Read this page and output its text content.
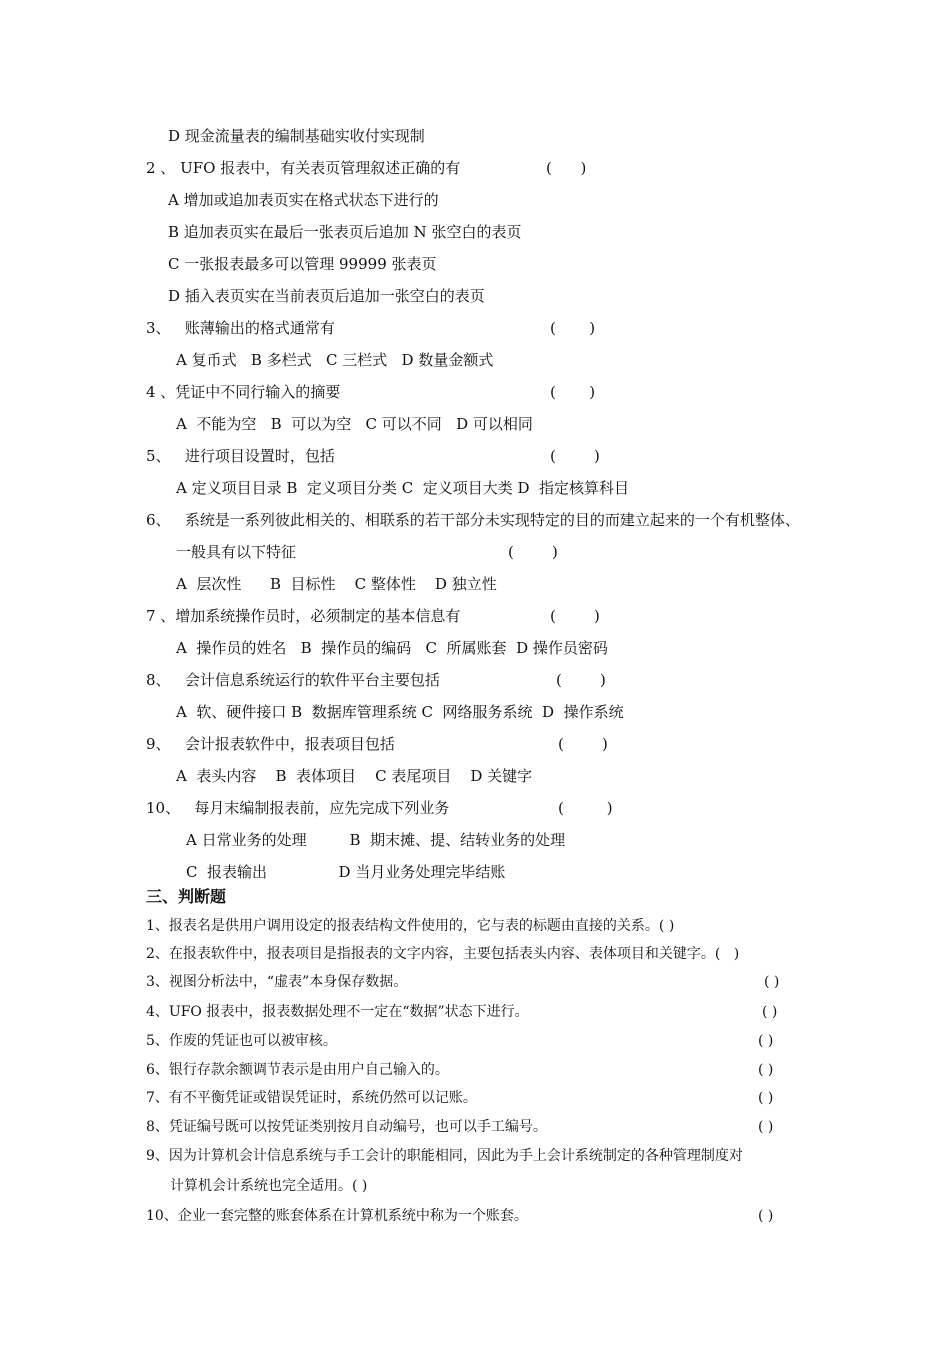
D 现金流量表的编制基础实收付实现制
2 、 UFO 报表中，有关表页管理叙述正确的有	(      )
A 增加或追加表页实在格式状态下进行的
B 追加表页实在最后一张表页后追加 N 张空白的表页
C 一张报表最多可以管理 99999 张表页
D 插入表页实在当前表页后追加一张空白的表页
3、   账薄输出的格式通常有	(       )
A 复币式   B 多栏式   C 三栏式   D 数量金额式
4 、凭证中不同行输入的摘要	(       )
A  不能为空   B  可以为空   C 可以不同   D 可以相同
5、   进行项目设置时，包括	(        )
A 定义项目目录 B  定义项目分类 C  定义项目大类 D  指定核算科目
6、   系统是一系列彼此相关的、相联系的若干部分未实现特定的目的而建立起来的一个有机整体、
一般具有以下特征	(        )
A  层次性      B  目标性    C 整体性    D 独立性
7 、增加系统操作员时，必须制定的基本信息有	(        )
A  操作员的姓名   B  操作员的编码   C  所属账套  D 操作员密码
8、   会计信息系统运行的软件平台主要包括	(        )
A  软、硬件接口 B  数据库管理系统 C  网络服务系统  D  操作系统
9、   会计报表软件中，报表项目包括	(        )
A  表头内容    B  表体项目    C 表尾项目    D 关键字
10、   每月末编制报表前，应先完成下列业务	(         )
A 日常业务的处理         B  期末摊、提、结转业务的处理
C  报表输出               D 当月业务处理完毕结账
三、判断题
1、报表名是供用户调用设定的报表结构文件使用的，它与表的标题由直接的关系。( )
2、在报表软件中，报表项目是指报表的文字内容，主要包括表头内容、表体项目和关键字。(   )
3、视图分析法中，“虚表”本身保存数据。	( )
4、UFO 报表中，报表数据处理不一定在“数据”状态下进行。	( )
5、作废的凭证也可以被审核。	( )
6、银行存款余额调节表示是由用户自己输入的。	( )
7、有不平衡凭证或错误凭证时，系统仍然可以记账。	( )
8、凭证编号既可以按凭证类别按月自动编号，也可以手工编号。	( )
9、因为计算机会计信息系统与手工会计的职能相同，因此为手上会计系统制定的各种管理制度对
计算机会计系统也完全适用。( )
10、企业一套完整的账套体系在计算机系统中称为一个账套。	( )
